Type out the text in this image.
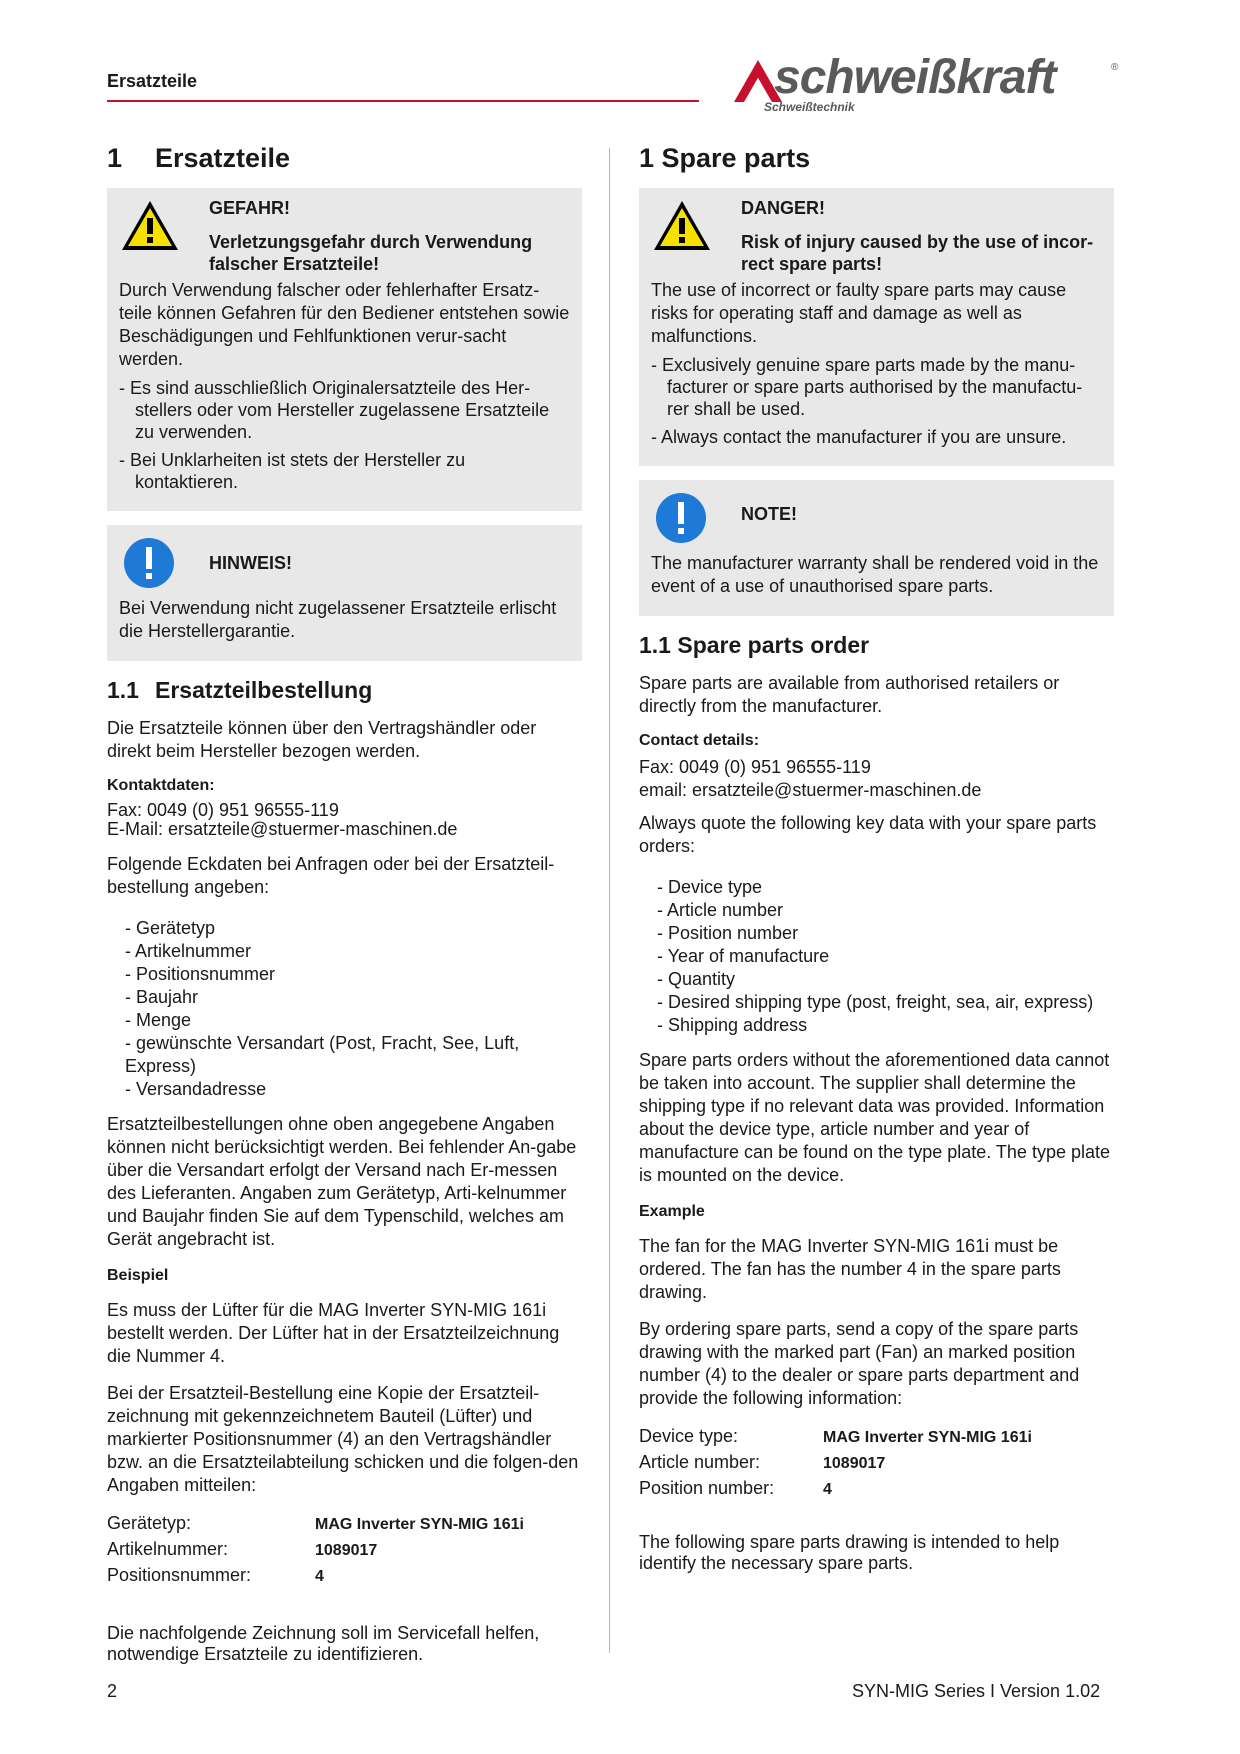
Ersatzteile	schweißkraft	®
Schweißtechnik
1 Ersatzteile
GEFAHR!
Verletzungsgefahr durch Verwendung falscher Ersatzteile!

Durch Verwendung falscher oder fehlerhafter Ersatz-teile können Gefahren für den Bediener entstehen sowie Beschädigungen und Fehlfunktionen verur-sacht werden.

- Es sind ausschließlich Originalersatzteile des Her-stellers oder vom Hersteller zugelassene Ersatzteile zu verwenden.
- Bei Unklarheiten ist stets der Hersteller zu kontaktieren.
HINWEIS!

Bei Verwendung nicht zugelassener Ersatzteile erlischt die Herstellergarantie.

1.1 Ersatzteilbestellung

Die Ersatzteile können über den Vertragshändler oder direkt beim Hersteller bezogen werden.

Kontaktdaten:
Fax: 0049 (0) 951 96555-119
E-Mail: ersatzteile@stuermer-maschinen.de

Folgende Eckdaten bei Anfragen oder bei der Ersatzteil-bestellung angeben:

- Gerätetyp
- Artikelnummer
- Positionsnummer
- Baujahr
- Menge
- gewünschte Versandart (Post, Fracht, See, Luft, Express)
- Versandadresse

Ersatzteilbestellungen ohne oben angegebene Angaben können nicht berücksichtigt werden. Bei fehlender An-gabe über die Versandart erfolgt der Versand nach Er-messen des Lieferanten. Angaben zum Gerätetyp, Arti-kelnummer und Baujahr finden Sie auf dem Typenschild, welches am Gerät angebracht ist.

Beispiel

Es muss der Lüfter für die MAG Inverter SYN-MIG 161i bestellt werden. Der Lüfter hat in der Ersatzteilzeichnung die Nummer 4.

Bei der Ersatzteil-Bestellung eine Kopie der Ersatzteil-zeichnung mit gekennzeichnetem Bauteil (Lüfter) und markierter Positionsnummer (4) an den Vertragshändler bzw. an die Ersatzteilabteilung schicken und die folgen-den Angaben mitteilen:

Gerätetyp:	MAG Inverter SYN-MIG 161i
Artikelnummer:	1089017
Positionsnummer:	4

Die nachfolgende Zeichnung soll im Servicefall helfen, notwendige Ersatzteile zu identifizieren.

1 Spare parts
DANGER!
Risk of injury caused by the use of incor-rect spare parts!

The use of incorrect or faulty spare parts may cause risks for operating staff and damage as well as malfunctions.

- Exclusively genuine spare parts made by the manu-facturer or spare parts authorised by the manufactu-rer shall be used.
- Always contact the manufacturer if you are unsure.
NOTE!

The manufacturer warranty shall be rendered void in the event of a use of unauthorised spare parts.

1.1 Spare parts order

Spare parts are available from authorised retailers or directly from the manufacturer.

Contact details:
Fax: 0049 (0) 951 96555-119
email: ersatzteile@stuermer-maschinen.de

Always quote the following key data with your spare parts orders:

- Device type
- Article number
- Position number
- Year of manufacture
- Quantity
- Desired shipping type (post, freight, sea, air, express)
- Shipping address

Spare parts orders without the aforementioned data cannot be taken into account. The supplier shall determine the shipping type if no relevant data was provided. Information about the device type, article number and year of manufacture can be found on the type plate. The type plate is mounted on the device.

Example

The fan for the MAG Inverter SYN-MIG 161i must be ordered. The fan has the number 4 in the spare parts drawing.

By ordering spare parts, send a copy of the spare parts drawing with the marked part (Fan) an marked position number (4) to the dealer or spare parts department and provide the following information:

Device type:	MAG Inverter SYN-MIG 161i
Article number:	1089017
Position number:	4

The following spare parts drawing is intended to help identify the necessary spare parts.

2	SYN-MIG Series I Version 1.02
